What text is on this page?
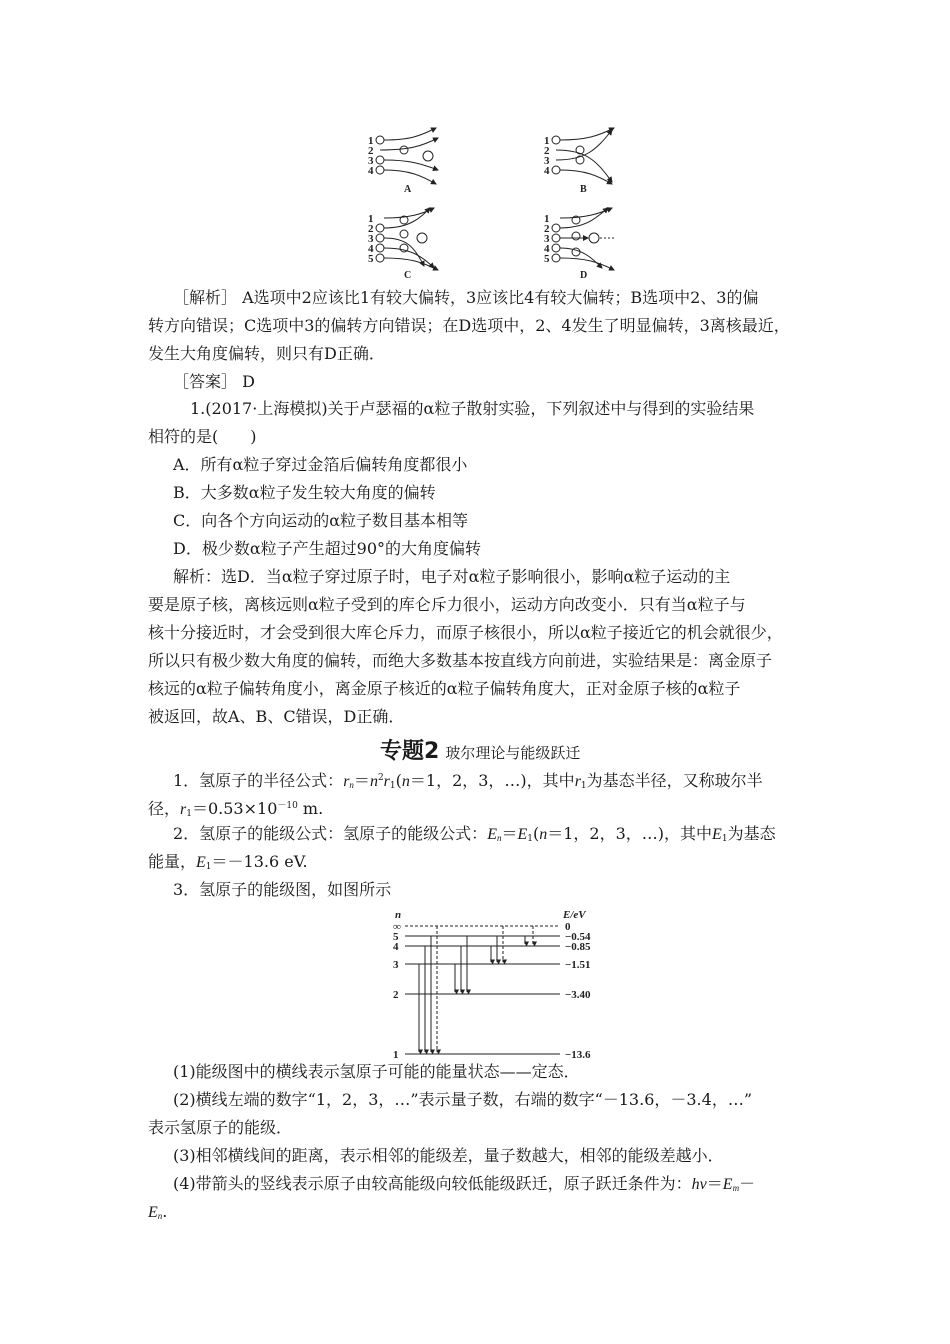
1
2
3
4
A
1
2
3
4
B
1
2
3
4
5
C
1
2
3
4
5
D
［解析］ A选项中2应该比1有较大偏转，3应该比4有较大偏转；B选项中2、3的偏
转方向错误；C选项中3的偏转方向错误；在D选项中，2、4发生了明显偏转，3离核最近，
发生大角度偏转，则只有D正确．
［答案］ D
1.(2017·上海模拟)关于卢瑟福的α粒子散射实验，下列叙述中与得到的实验结果
相符的是(　　)
A．所有α粒子穿过金箔后偏转角度都很小
B．大多数α粒子发生较大角度的偏转
C．向各个方向运动的α粒子数目基本相等
D．极少数α粒子产生超过90°的大角度偏转
解析：选D．当α粒子穿过原子时，电子对α粒子影响很小，影响α粒子运动的主
要是原子核，离核远则α粒子受到的库仑斥力很小，运动方向改变小．只有当α粒子与
核十分接近时，才会受到很大库仑斥力，而原子核很小，所以α粒子接近它的机会就很少，
所以只有极少数大角度的偏转，而绝大多数基本按直线方向前进，实验结果是：离金原子
核远的α粒子偏转角度小，离金原子核近的α粒子偏转角度大，正对金原子核的α粒子
被返回，故A、B、C错误，D正确．
专题2 玻尔理论与能级跃迁
1．氢原子的半径公式：$r_n=n^2r_1(n=1$，2，3，…)，其中$r_1$为基态半径，又称玻尔半
径，$r_1=0.53\times 10^{-10}$ m.
2．氢原子的能级公式：氢原子的能级公式：$E_n=E_1(n=1$，2，3，…)，其中$E_1$为基态
能量，$E_1=-13.6$ eV.
3．氢原子的能级图，如图所示
n	E/eV
∞
5
4
3
2
1
0
−0.54
−0.85
−1.51
−3.40
−13.6
(1)能级图中的横线表示氢原子可能的能量状态——定态．
(2)横线左端的数字“1，2，3，…”表示量子数，右端的数字“－13.6，－3.4，…”
表示氢原子的能级．
(3)相邻横线间的距离，表示相邻的能级差，量子数越大，相邻的能级差越小．
(4)带箭头的竖线表示原子由较高能级向较低能级跃迁，原子跃迁条件为：$h\nu=E_m-$
$E_n$.
